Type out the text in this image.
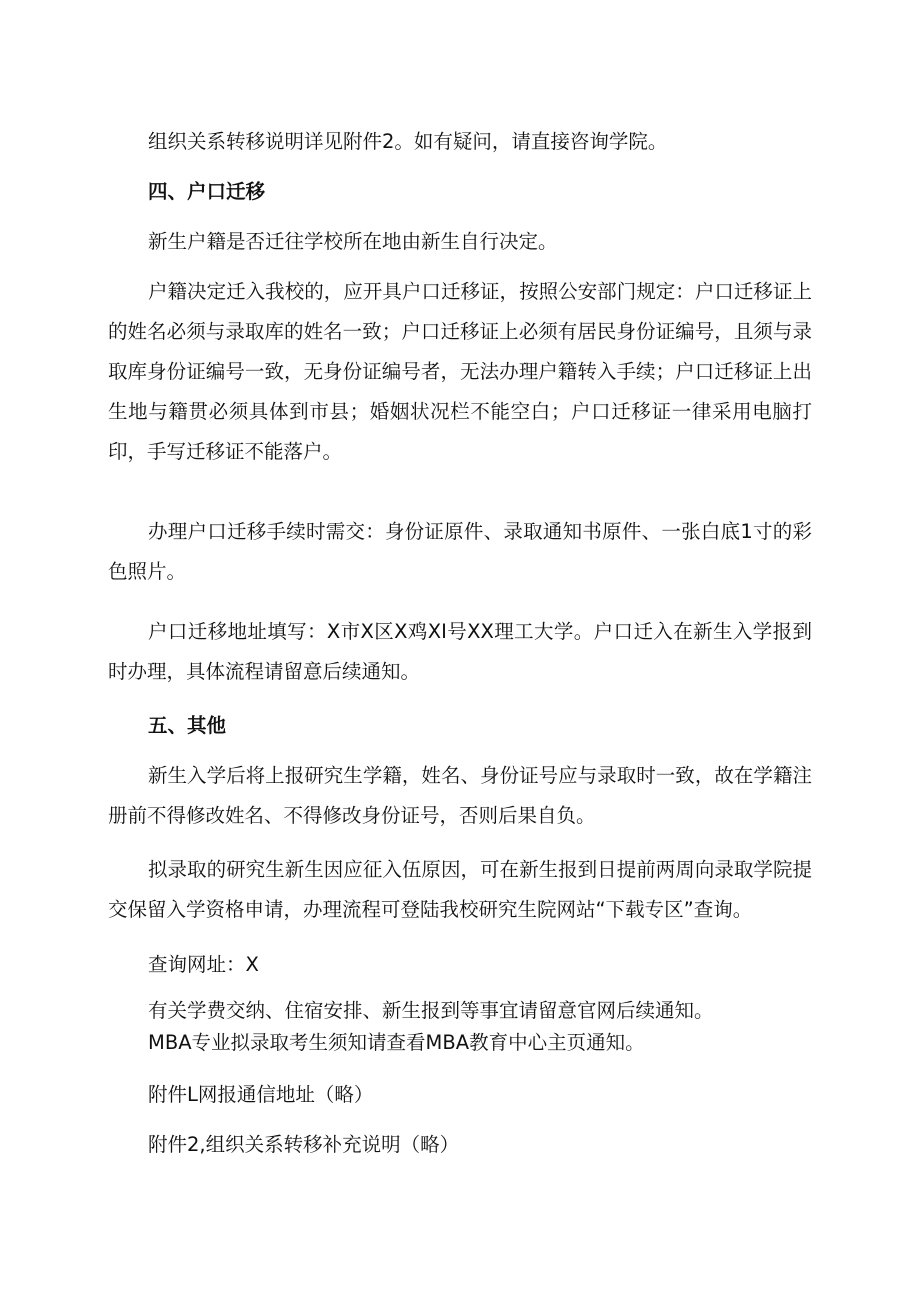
组织关系转移说明详见附件2。如有疑问，请直接咨询学院。

四、户口迁移

新生户籍是否迁往学校所在地由新生自行决定。

户籍决定迁入我校的，应开具户口迁移证，按照公安部门规定：户口迁移证上的姓名必须与录取库的姓名一致；户口迁移证上必须有居民身份证编号，且须与录取库身份证编号一致，无身份证编号者，无法办理户籍转入手续；户口迁移证上出生地与籍贯必须具体到市县；婚姻状况栏不能空白；户口迁移证一律采用电脑打印，手写迁移证不能落户。

办理户口迁移手续时需交：身份证原件、录取通知书原件、一张白底1寸的彩色照片。

户口迁移地址填写：X市X区X鸡XI号XX理工大学。户口迁入在新生入学报到时办理，具体流程请留意后续通知。

五、其他

新生入学后将上报研究生学籍，姓名、身份证号应与录取时一致，故在学籍注册前不得修改姓名、不得修改身份证号，否则后果自负。

拟录取的研究生新生因应征入伍原因，可在新生报到日提前两周向录取学院提交保留入学资格申请，办理流程可登陆我校研究生院网站“下载专区”查询。

查询网址：X

有关学费交纳、住宿安排、新生报到等事宜请留意官网后续通知。

MBA专业拟录取考生须知请查看MBA教育中心主页通知。

附件L网报通信地址（略）

附件2,组织关系转移补充说明（略）
